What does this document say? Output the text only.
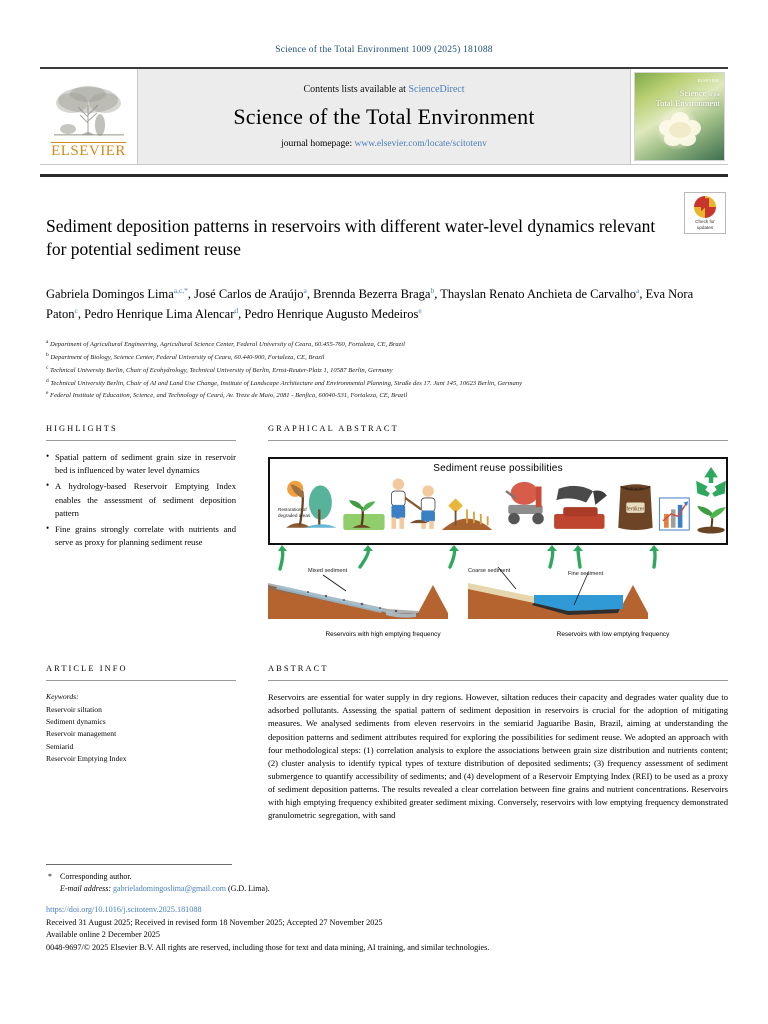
Science of the Total Environment 1009 (2025) 181088
ELSEVIER
Contents lists available at ScienceDirect
Science of the Total Environment
journal homepage: www.elsevier.com/locate/scitotenv
ELSEVIER
Science of the
Total Environment
Check for
updates
Sediment deposition patterns in reservoirs with different water-level dynamics relevant for potential sediment reuse
Gabriela Domingos Lima$^{a,c,*}$, José Carlos de Araújo$^a$, Brennda Bezerra Braga$^b$, Thayslan Renato Anchieta de Carvalho$^a$, Eva Nora Paton$^c$, Pedro Henrique Lima Alencar$^d$, Pedro Henrique Augusto Medeiros$^e$
$^a$ Department of Agricultural Engineering, Agricultural Science Center, Federal University of Ceara, 60.455-760, Fortaleza, CE, Brazil
$^b$ Department of Biology, Science Center, Federal University of Ceara, 60.440-900, Fortaleza, CE, Brazil
$^c$ Technical University Berlin, Chair of Ecohydrology, Technical University of Berlin, Ernst-Reuter-Platz 1, 10587 Berlin, Germany
$^d$ Technical University Berlin, Chair of AI and Land Use Change, Institute of Landscape Architecture and Environmental Planning, Straße des 17. Juni 145, 10623 Berlin, Germany
$^e$ Federal Institute of Education, Science, and Technology of Ceará, Av. Treze de Maio, 2081 - Benfica, 60040-531, Fortaleza, CE, Brazil
HIGHLIGHTS
• Spatial pattern of sediment grain size in reservoir bed is influenced by water level dynamics
• A hydrology-based Reservoir Emptying Index enables the assessment of sediment deposition pattern
• Fine grains strongly correlate with nutrients and serve as proxy for planning sediment reuse
GRAPHICAL ABSTRACT
Sediment reuse possibilities
fertilizer
Restoration of
degraded areas
Nutrients
Mixed sediment	Coarse sediment	Fine sediment
Reservoirs with high emptying frequency	Reservoirs with low emptying frequency
ARTICLE INFO
Keywords:
Reservoir siltation
Sediment dynamics
Reservoir management
Semiarid
Reservoir Emptying Index
ABSTRACT

Reservoirs are essential for water supply in dry regions. However, siltation reduces their capacity and degrades water quality due to adsorbed pollutants. Assessing the spatial pattern of sediment deposition in reservoirs is crucial for the adoption of mitigating measures. We analysed sediments from eleven reservoirs in the semiarid Jaguaribe Basin, Brazil, aiming at understanding the deposition patterns and sediment attributes required for exploring the possibilities for sediment reuse. We adopted an approach with four methodological steps: (1) correlation analysis to explore the associations between grain size distribution and nutrients content; (2) cluster analysis to identify typical types of texture distribution of deposited sediments; (3) frequency assessment of sediment submergence to quantify accessibility of sediments; and (4) development of a Reservoir Emptying Index (REI) to be used as a proxy of sediment deposition patterns. The results revealed a clear correlation between fine grains and nutrient concentrations. Reservoirs with high emptying frequency exhibited greater sediment mixing. Conversely, reservoirs with low emptying frequency demonstrated granulometric segregation, with sand

* Corresponding author.
E-mail address: gabrieladomingoslima@gmail.com (G.D. Lima).
https://doi.org/10.1016/j.scitotenv.2025.181088
Received 31 August 2025; Received in revised form 18 November 2025; Accepted 27 November 2025
Available online 2 December 2025
0048-9697/© 2025 Elsevier B.V. All rights are reserved, including those for text and data mining, AI training, and similar technologies.
